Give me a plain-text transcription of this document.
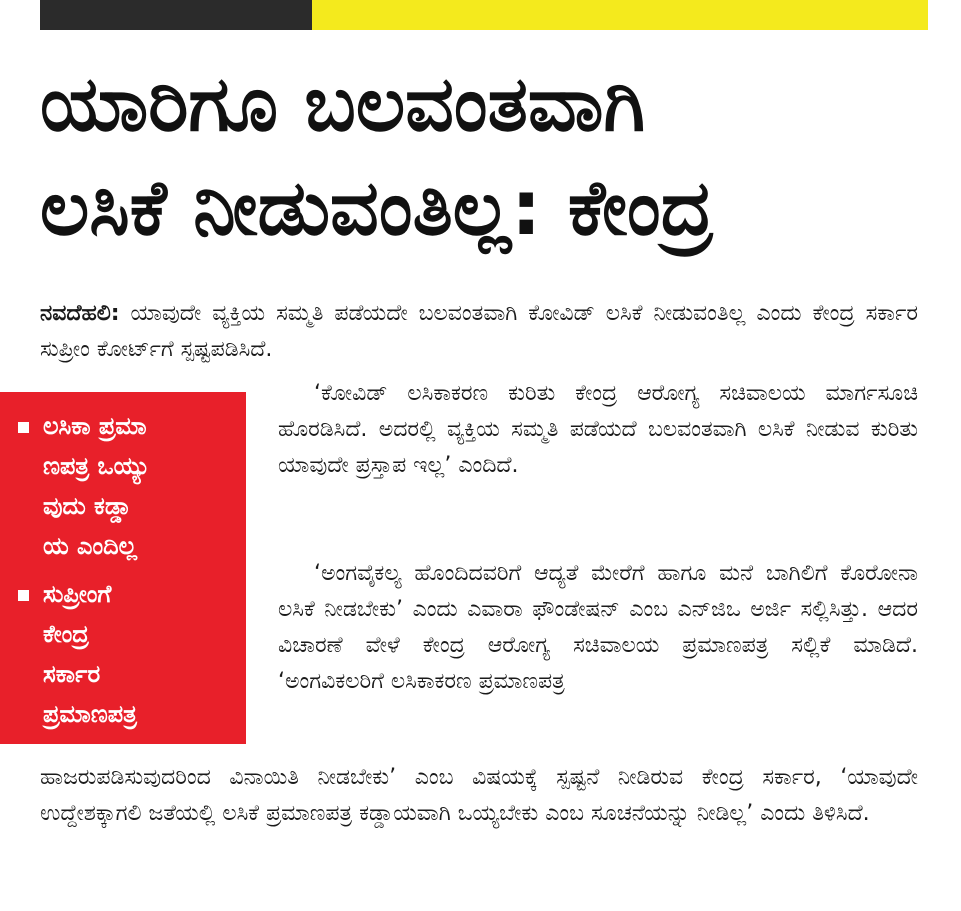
ಯಾರಿಗೂ ಬಲವಂತವಾಗಿ
ಲಸಿಕೆ ನೀಡುವಂತಿಲ್ಲ: ಕೇಂದ್ರ

ನವದೆಹಲಿ: ಯಾವುದೇ ವ್ಯಕ್ತಿಯ ಸಮ್ಮತಿ ಪಡೆಯದೇ ಬಲವಂತವಾಗಿ ಕೋವಿಡ್ ಲಸಿಕೆ ನೀಡುವಂತಿಲ್ಲ ಎಂದು ಕೇಂದ್ರ ಸರ್ಕಾರ ಸುಪ್ರೀಂ ಕೋರ್ಟ್‌ಗೆ ಸ್ಪಷ್ಟಪಡಿಸಿದೆ.

ಲಸಿಕಾ ಪ್ರಮಾ
ಣಪತ್ರ ಒಯ್ಯು
ವುದು ಕಡ್ಡಾ
ಯ ಎಂದಿಲ್ಲ
ಸುಪ್ರೀಂಗೆ
ಕೇಂದ್ರ
ಸರ್ಕಾರ
ಪ್ರಮಾಣಪತ್ರ

‘ಕೋವಿಡ್ ಲಸಿಕಾಕರಣ ಕುರಿತು ಕೇಂದ್ರ ಆರೋಗ್ಯ ಸಚಿವಾಲಯ ಮಾರ್ಗಸೂಚಿ ಹೊರಡಿಸಿದೆ. ಅದರಲ್ಲಿ ವ್ಯಕ್ತಿಯ ಸಮ್ಮತಿ ಪಡೆಯದೆ ಬಲವಂತವಾಗಿ ಲಸಿಕೆ ನೀಡುವ ಕುರಿತು ಯಾವುದೇ ಪ್ರಸ್ತಾಪ ಇಲ್ಲ’ ಎಂದಿದೆ.

‘ಅಂಗವೈಕಲ್ಯ ಹೊಂದಿದವರಿಗೆ ಆದ್ಯತೆ ಮೇರೆಗೆ ಹಾಗೂ ಮನೆ ಬಾಗಿಲಿಗೆ ಕೊರೋನಾ ಲಸಿಕೆ ನೀಡಬೇಕು’ ಎಂದು ಎವಾರಾ ಫೌಂಡೇಷನ್ ಎಂಬ ಎನ್‌ಜಿಒ ಅರ್ಜಿ ಸಲ್ಲಿಸಿತ್ತು. ಆದರ ವಿಚಾರಣೆ ವೇಳೆ ಕೇಂದ್ರ ಆರೋಗ್ಯ ಸಚಿವಾಲಯ ಪ್ರಮಾಣಪತ್ರ ಸಲ್ಲಿಕೆ ಮಾಡಿದೆ. ‘ಅಂಗವಿಕಲರಿಗೆ ಲಸಿಕಾಕರಣ ಪ್ರಮಾಣಪತ್ರ

ಹಾಜರುಪಡಿಸುವುದರಿಂದ ವಿನಾಯಿತಿ ನೀಡಬೇಕು’ ಎಂಬ ವಿಷಯಕ್ಕೆ ಸ್ಪಷ್ಟನೆ ನೀಡಿರುವ ಕೇಂದ್ರ ಸರ್ಕಾರ, ‘ಯಾವುದೇ ಉದ್ದೇಶಕ್ಕಾಗಲಿ ಜತೆಯಲ್ಲಿ ಲಸಿಕೆ ಪ್ರಮಾಣಪತ್ರ ಕಡ್ಡಾಯವಾಗಿ ಒಯ್ಯಬೇಕು ಎಂಬ ಸೂಚನೆಯನ್ನು ನೀಡಿಲ್ಲ’ ಎಂದು ತಿಳಿಸಿದೆ.
